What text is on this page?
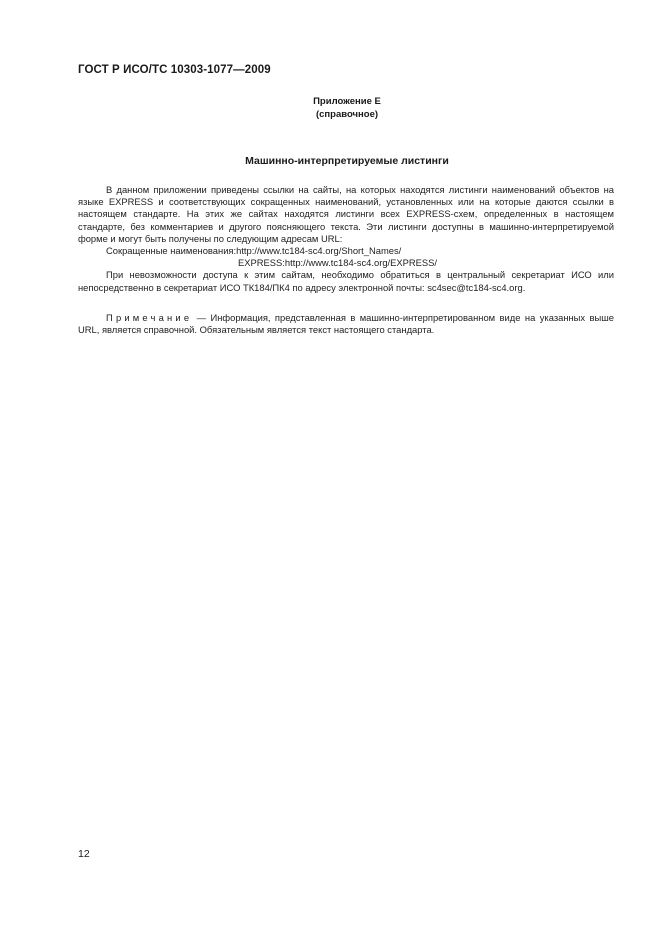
ГОСТ Р ИСО/ТС 10303-1077—2009
Приложение Е
(справочное)
Машинно-интерпретируемые листинги

В данном приложении приведены ссылки на сайты, на которых находятся листинги наименований объектов на языке EXPRESS и соответствующих сокращенных наименований, установленных или на которые даются ссылки в настоящем стандарте. На этих же сайтах находятся листинги всех EXPRESS-схем, определенных в настоящем стандарте, без комментариев и другого поясняющего текста. Эти листинги доступны в машинно-интерпретируемой форме и могут быть получены по следующим адресам URL:

Сокращенные наименования:http://www.tc184-sc4.org/Short_Names/
EXPRESS:http://www.tc184-sc4.org/EXPRESS/

При невозможности доступа к этим сайтам, необходимо обратиться в центральный секретариат ИСО или непосредственно в секретариат ИСО ТК184/ПК4 по адресу электронной почты: sc4sec@tc184-sc4.org.

Примечание — Информация, представленная в машинно-интерпретированном виде на указанных выше URL, является справочной. Обязательным является текст настоящего стандарта.

12
